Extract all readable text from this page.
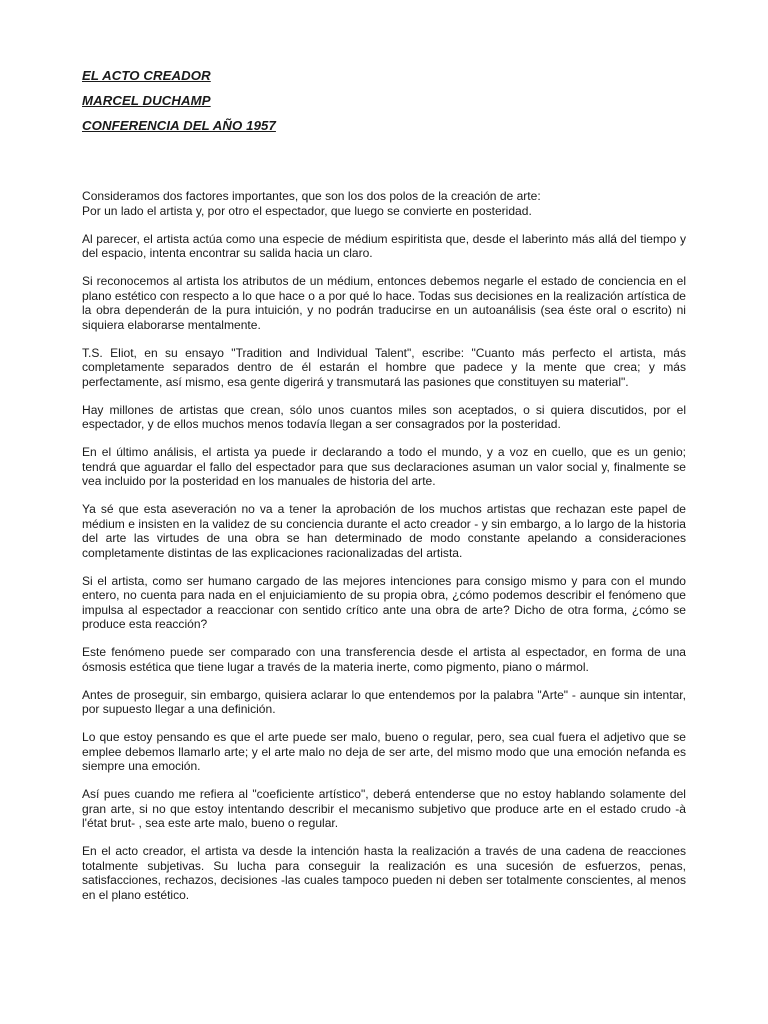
EL ACTO CREADOR
MARCEL DUCHAMP
CONFERENCIA DEL AÑO 1957

Consideramos dos factores importantes, que son los dos polos de la creación de arte:
Por un lado el artista y, por otro el espectador, que luego se convierte en posteridad.

Al parecer, el artista actúa como una especie de médium espiritista que, desde el laberinto más allá del tiempo y del espacio, intenta encontrar su salida hacia un claro.

Si reconocemos al artista los atributos de un médium, entonces debemos negarle el estado de conciencia en el plano estético con respecto a lo que hace o a por qué lo hace. Todas sus decisiones en la realización artística de la obra dependerán de la pura intuición, y no podrán traducirse en un autoanálisis (sea éste oral o escrito) ni siquiera elaborarse mentalmente.

T.S. Eliot, en su ensayo "Tradition and Individual Talent", escribe: "Cuanto más perfecto el artista, más completamente separados dentro de él estarán el hombre que padece y la mente que crea; y más perfectamente, así mismo, esa gente digerirá y transmutará las pasiones que constituyen su material".

Hay millones de artistas que crean, sólo unos cuantos miles son aceptados, o si quiera discutidos, por el espectador, y de ellos muchos menos todavía llegan a ser consagrados por la posteridad.

En el último análisis, el artista ya puede ir declarando a todo el mundo, y a voz en cuello, que es un genio; tendrá que aguardar el fallo del espectador para que sus declaraciones asuman un valor social y, finalmente se vea incluido por la posteridad en los manuales de historia del arte.

Ya sé que esta aseveración no va a tener la aprobación de los muchos artistas que rechazan este papel de médium e insisten en la validez de su conciencia durante el acto creador - y sin embargo, a lo largo de la historia del arte las virtudes de una obra se han determinado de modo constante apelando a consideraciones completamente distintas de las explicaciones racionalizadas del artista.

Si el artista, como ser humano cargado de las mejores intenciones para consigo mismo y para con el mundo entero, no cuenta para nada en el enjuiciamiento de su propia obra, ¿cómo podemos describir el fenómeno que impulsa al espectador a reaccionar con sentido crítico ante una obra de arte? Dicho de otra forma, ¿cómo se produce esta reacción?

Este fenómeno puede ser comparado con una transferencia desde el artista al espectador, en forma de una ósmosis estética que tiene lugar a través de la materia inerte, como pigmento, piano o mármol.

Antes de proseguir, sin embargo, quisiera aclarar lo que entendemos por la palabra "Arte" - aunque sin intentar, por supuesto llegar a una definición.

Lo que estoy pensando es que el arte puede ser malo, bueno o regular, pero, sea cual fuera el adjetivo que se emplee debemos llamarlo arte; y el arte malo no deja de ser arte, del mismo modo que una emoción nefanda es siempre una emoción.

Así pues cuando me refiera al "coeficiente artístico", deberá entenderse que no estoy hablando solamente del gran arte, si no que estoy intentando describir el mecanismo subjetivo que produce arte en el estado crudo -à l'état brut- , sea este arte malo, bueno o regular.

En el acto creador, el artista va desde la intención hasta la realización a través de una cadena de reacciones totalmente subjetivas. Su lucha para conseguir la realización es una sucesión de esfuerzos, penas, satisfacciones, rechazos, decisiones -las cuales tampoco pueden ni deben ser totalmente conscientes, al menos en el plano estético.
